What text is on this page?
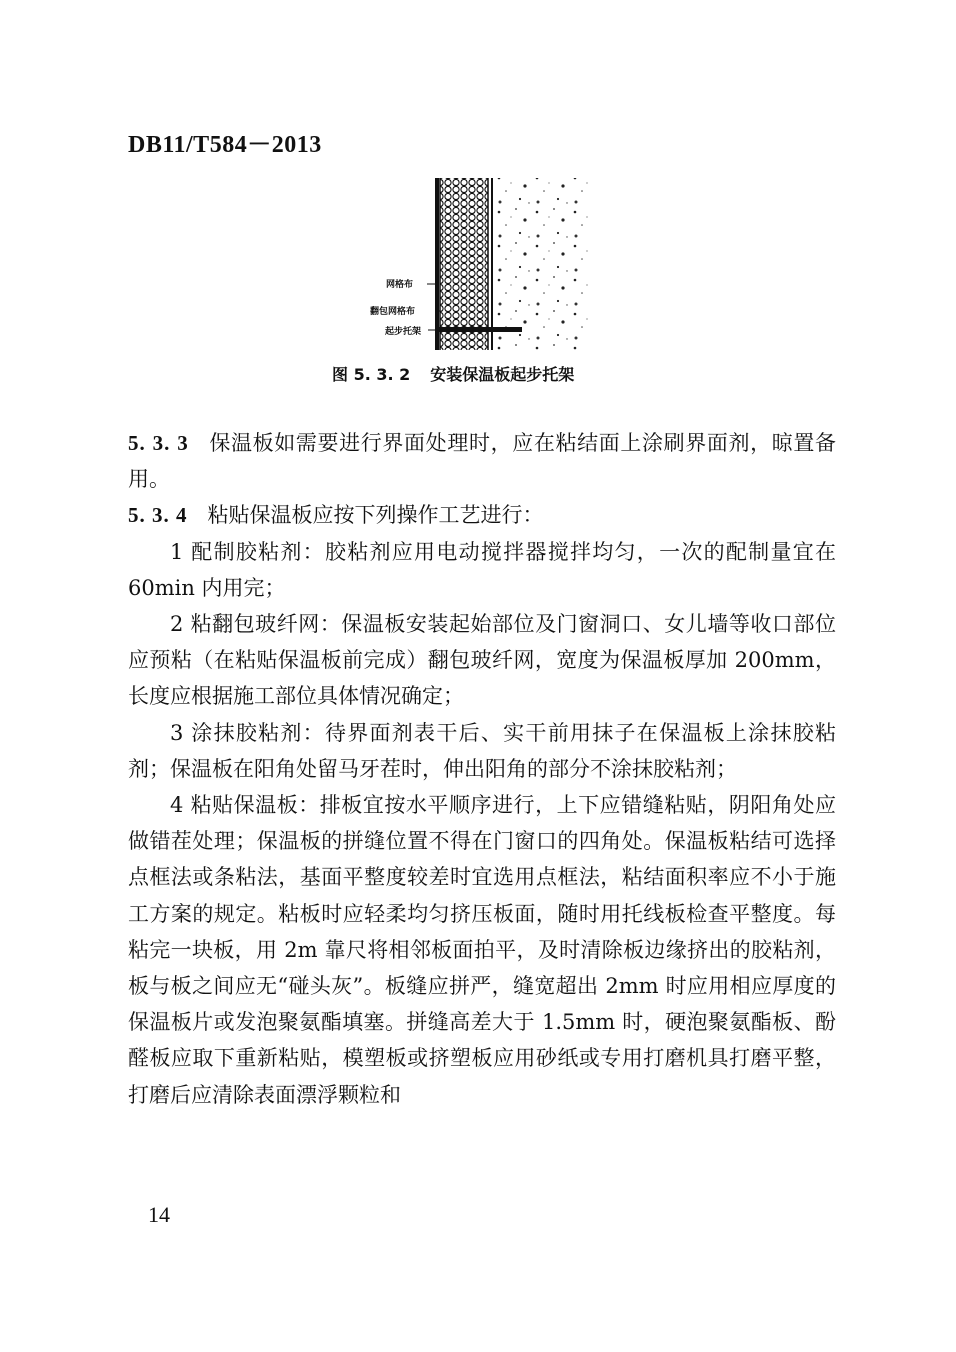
DB11/T584－2013
网格布
翻包网格布
起步托架
图 5. 3. 2 安装保温板起步托架

5. 3. 3 保温板如需要进行界面处理时，应在粘结面上涂刷界面剂，晾置备用。

5. 3. 4 粘贴保温板应按下列操作工艺进行：

1 配制胶粘剂：胶粘剂应用电动搅拌器搅拌均匀，一次的配制量宜在 60min 内用完；

2 粘翻包玻纤网：保温板安装起始部位及门窗洞口、女儿墙等收口部位应预粘（在粘贴保温板前完成）翻包玻纤网，宽度为保温板厚加 200mm，长度应根据施工部位具体情况确定；

3 涂抹胶粘剂：待界面剂表干后、实干前用抹子在保温板上涂抹胶粘剂；保温板在阳角处留马牙茬时，伸出阳角的部分不涂抹胶粘剂；

4 粘贴保温板：排板宜按水平顺序进行，上下应错缝粘贴，阴阳角处应做错茬处理；保温板的拼缝位置不得在门窗口的四角处。保温板粘结可选择点框法或条粘法，基面平整度较差时宜选用点框法，粘结面积率应不小于施工方案的规定。粘板时应轻柔均匀挤压板面，随时用托线板检查平整度。每粘完一块板，用 2m 靠尺将相邻板面拍平，及时清除板边缘挤出的胶粘剂，板与板之间应无“碰头灰”。板缝应拼严，缝宽超出 2mm 时应用相应厚度的保温板片或发泡聚氨酯填塞。拼缝高差大于 1.5mm 时，硬泡聚氨酯板、酚醛板应取下重新粘贴，模塑板或挤塑板应用砂纸或专用打磨机具打磨平整，打磨后应清除表面漂浮颗粒和

14
